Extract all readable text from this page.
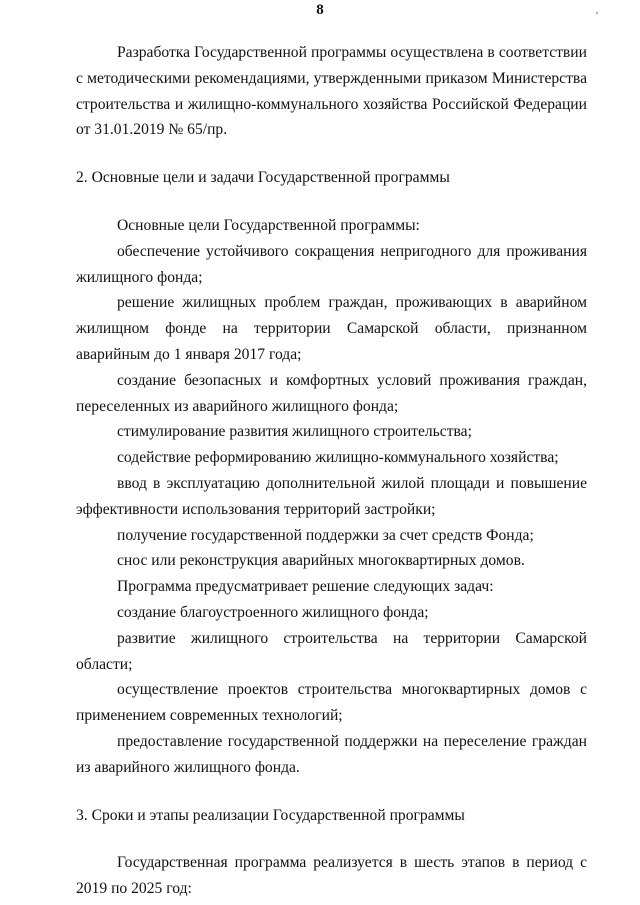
8	'

Разработка Государственной программы осуществлена в соответствии с методическими рекомендациями, утвержденными приказом Министерства строительства и жилищно-коммунального хозяйства Российской Федерации от 31.01.2019 № 65/пр.

2. Основные цели и задачи Государственной программы

Основные цели Государственной программы:

обеспечение устойчивого сокращения непригодного для проживания жилищного фонда;

решение жилищных проблем граждан, проживающих в аварийном жилищном фонде на территории Самарской области, признанном аварийным до 1 января 2017 года;

создание безопасных и комфортных условий проживания граждан, переселенных из аварийного жилищного фонда;

стимулирование развития жилищного строительства;

содействие реформированию жилищно-коммунального хозяйства;

ввод в эксплуатацию дополнительной жилой площади и повышение эффективности использования территорий застройки;

получение государственной поддержки за счет средств Фонда;

снос или реконструкция аварийных многоквартирных домов.

Программа предусматривает решение следующих задач:

создание благоустроенного жилищного фонда;

развитие жилищного строительства на территории Самарской области;

осуществление проектов строительства многоквартирных домов с применением современных технологий;

предоставление государственной поддержки на переселение граждан из аварийного жилищного фонда.

3. Сроки и этапы реализации Государственной программы

Государственная программа реализуется в шесть этапов в период с 2019 по 2025 год:
